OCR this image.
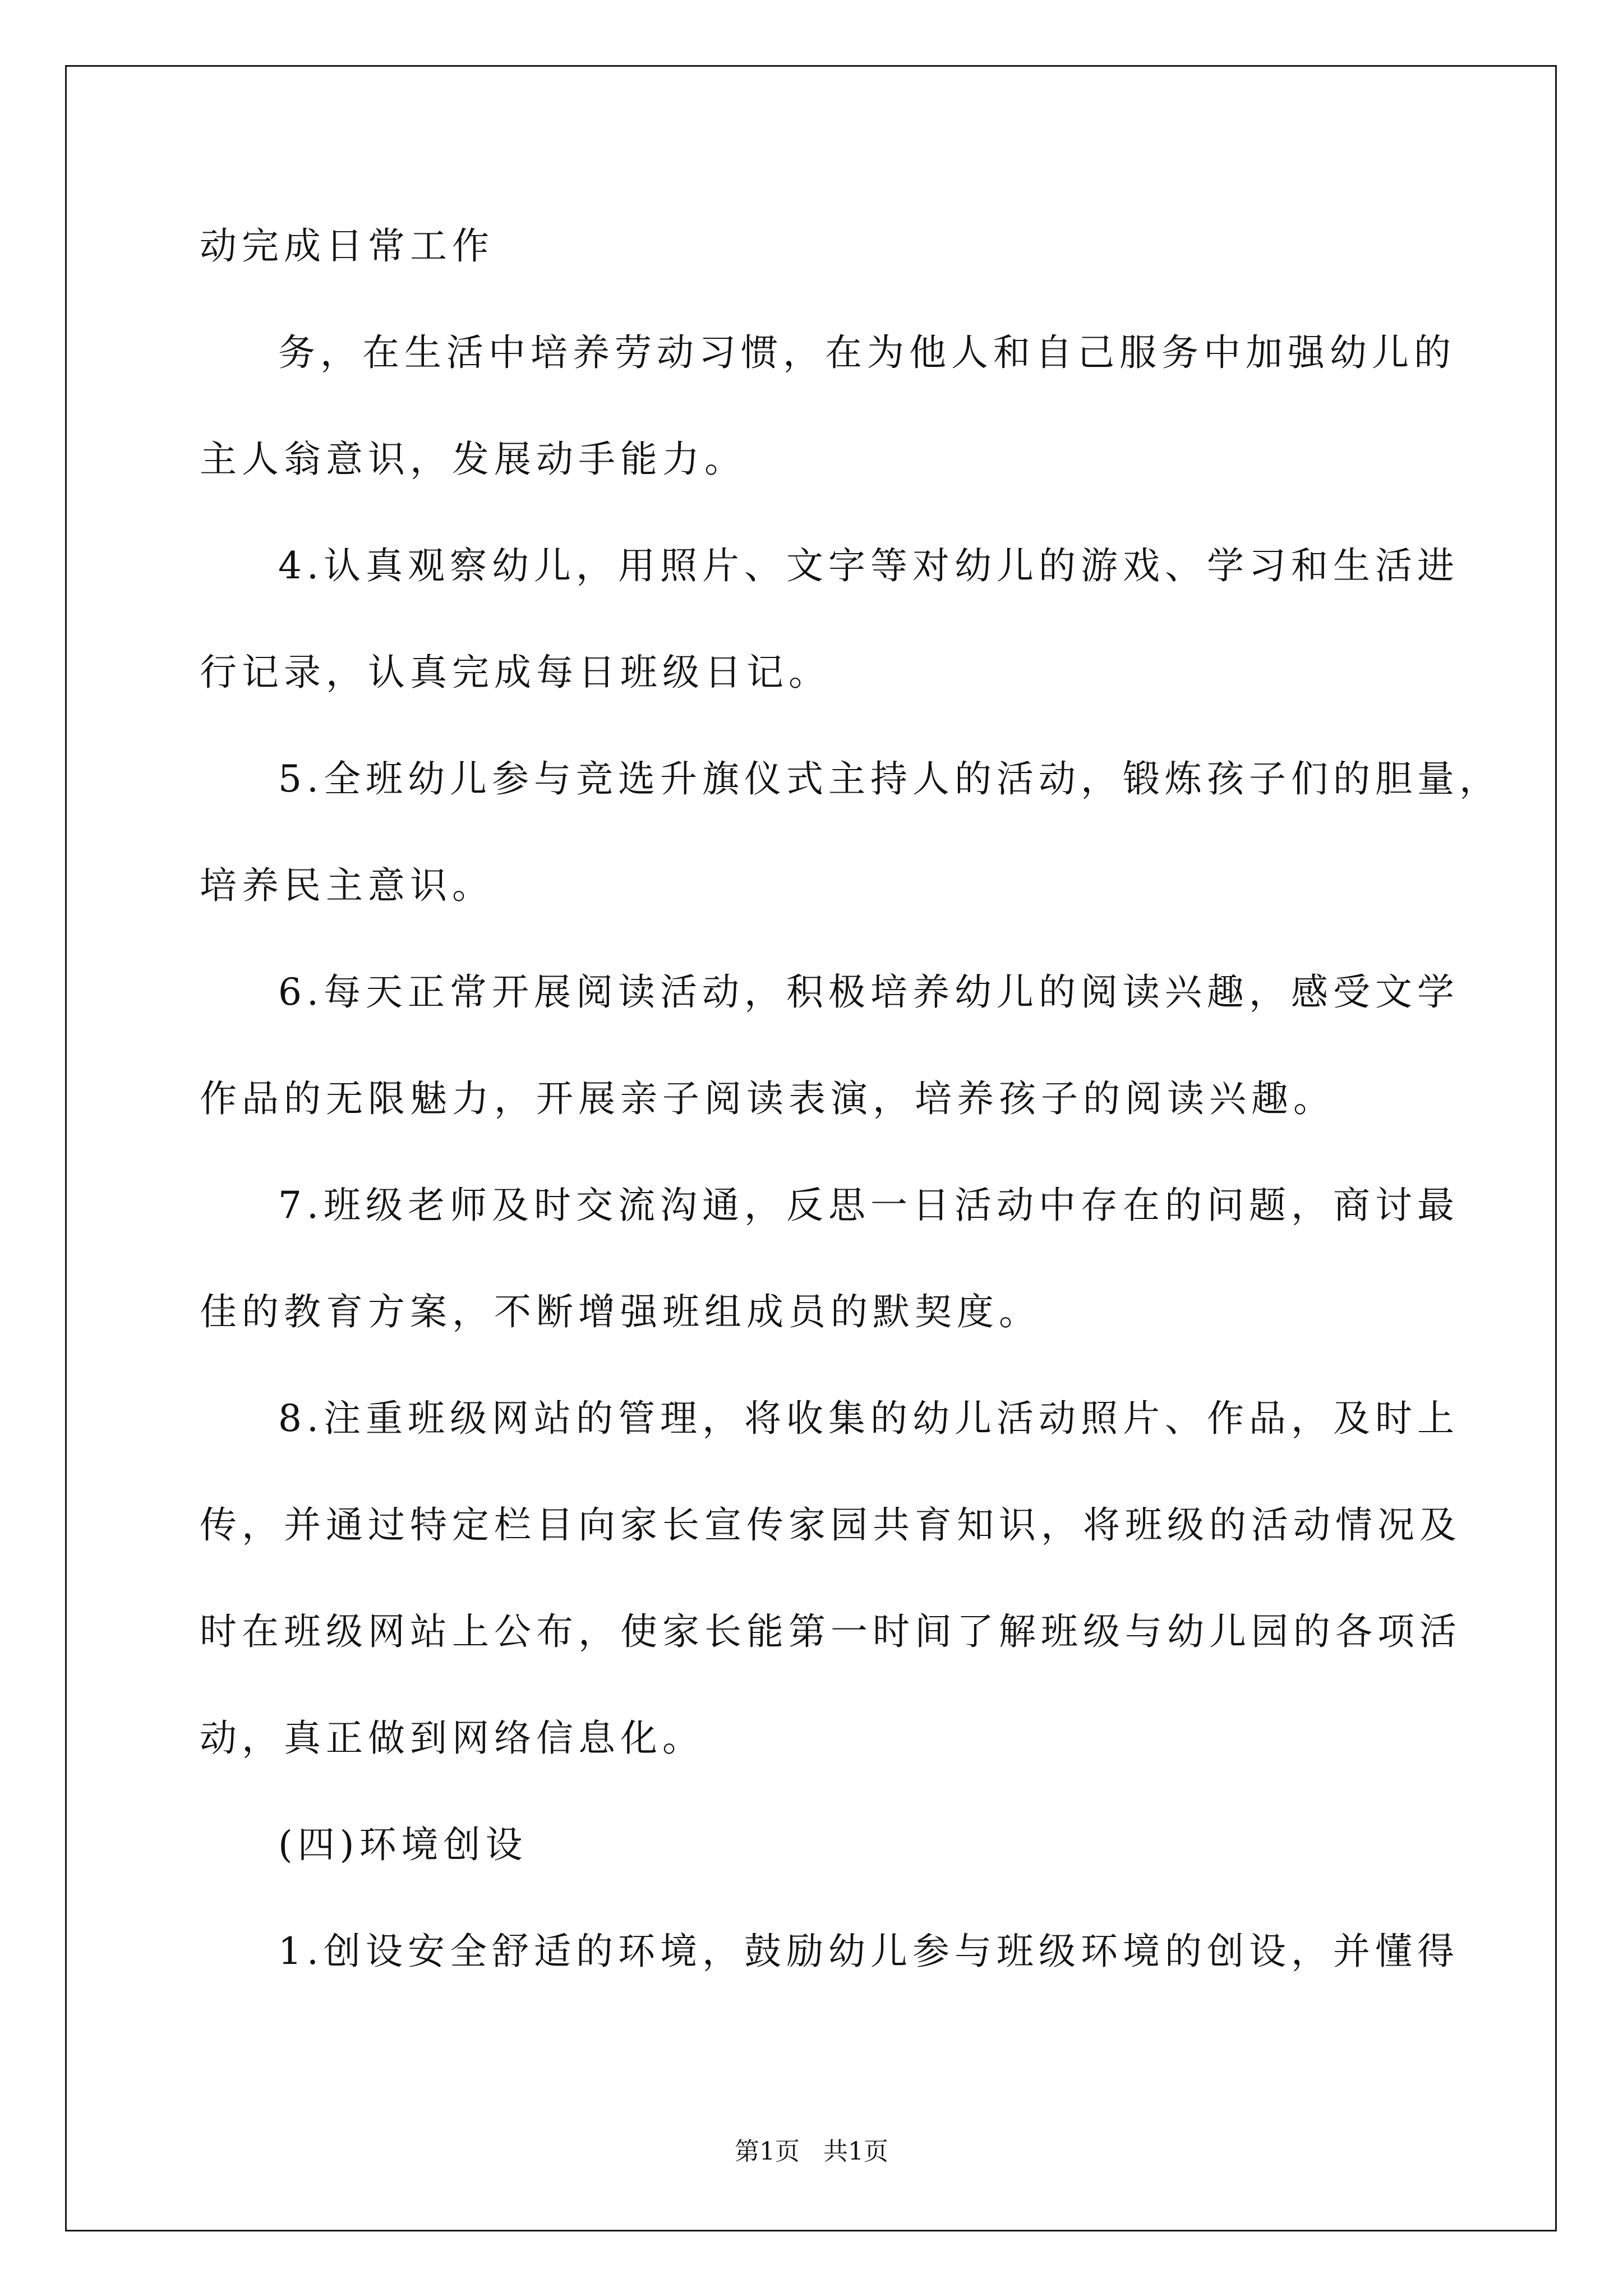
动完成日常工作
务，在生活中培养劳动习惯，在为他人和自己服务中加强幼儿的
主人翁意识，发展动手能力。
4.认真观察幼儿，用照片、文字等对幼儿的游戏、学习和生活进
行记录，认真完成每日班级日记。
5.全班幼儿参与竞选升旗仪式主持人的活动，锻炼孩子们的胆量，
培养民主意识。
6.每天正常开展阅读活动，积极培养幼儿的阅读兴趣，感受文学
作品的无限魅力，开展亲子阅读表演，培养孩子的阅读兴趣。
7.班级老师及时交流沟通，反思一日活动中存在的问题，商讨最
佳的教育方案，不断增强班组成员的默契度。
8.注重班级网站的管理，将收集的幼儿活动照片、作品，及时上
传，并通过特定栏目向家长宣传家园共育知识，将班级的活动情况及
时在班级网站上公布，使家长能第一时间了解班级与幼儿园的各项活
动，真正做到网络信息化。
(四)环境创设
1.创设安全舒适的环境，鼓励幼儿参与班级环境的创设，并懂得
第1页   共1页
